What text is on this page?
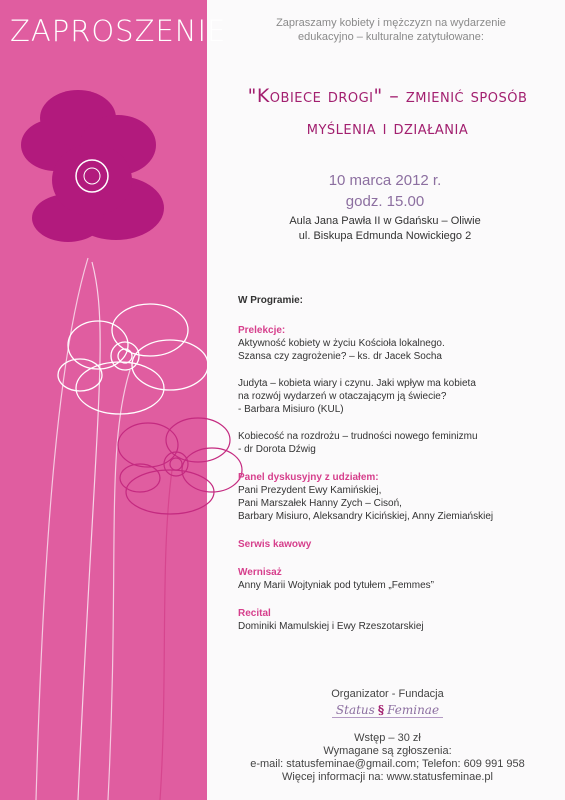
ZAPROSZENIE	Zapraszamy kobiety i mężczyzn na wydarzenie
edukacyjno – kulturalne zatytułowane:
"Kobiece drogi" – zmienić sposób
myślenia i działania
10 marca 2012 r.
godz. 15.00
Aula Jana Pawła II w Gdańsku – Oliwie
ul. Biskupa Edmunda Nowickiego 2
W Programie:
Prelekcje:
Aktywność kobiety w życiu Kościoła lokalnego.
Szansa czy zagrożenie? – ks. dr Jacek Socha
Judyta – kobieta wiary i czynu. Jaki wpływ ma kobieta
na rozwój wydarzeń w otaczającym ją świecie?
- Barbara Misiuro (KUL)
Kobiecość na rozdrożu – trudności nowego feminizmu
- dr Dorota Dźwig
Panel dyskusyjny z udziałem:
Pani Prezydent Ewy Kamińskiej,
Pani Marszałek Hanny Zych – Cisoń,
Barbary Misiuro, Aleksandry Kicińskiej, Anny Ziemiańskiej
Serwis kawowy
Wernisaż
Anny Marii Wojtyniak pod tytułem „Femmes”
Recital
Dominiki Mamulskiej i Ewy Rzeszotarskiej
Organizator - Fundacja
Status § Feminae
Wstęp – 30 zł
Wymagane są zgłoszenia:
e-mail: statusfeminae@gmail.com; Telefon: 609 991 958
Więcej informacji na: www.statusfeminae.pl
